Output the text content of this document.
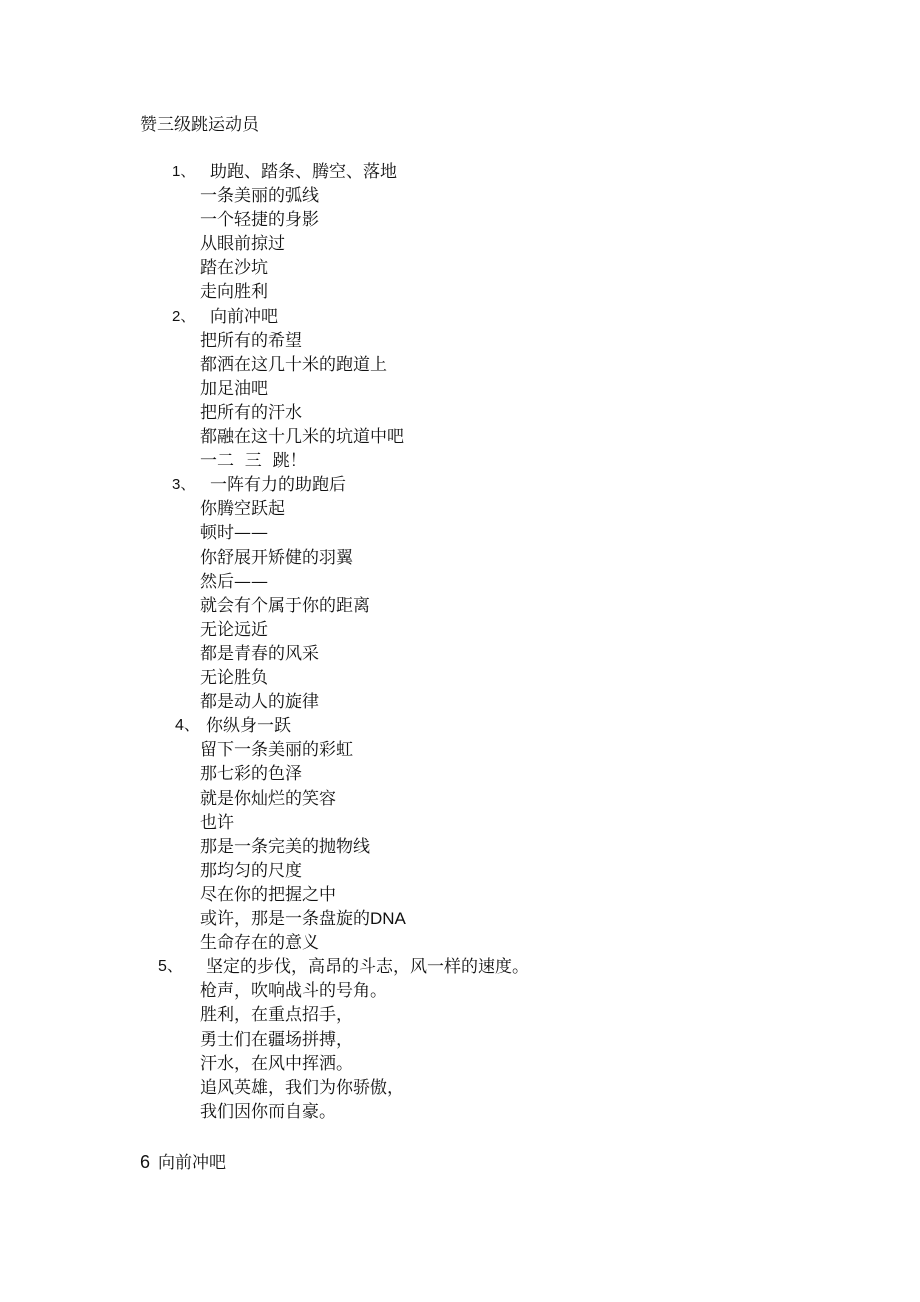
赞三级跳运动员
1、 助跑、踏条、腾空、落地
一条美丽的弧线
一个轻捷的身影
从眼前掠过
踏在沙坑
走向胜利
2、 向前冲吧
把所有的希望
都洒在这几十米的跑道上
加足油吧
把所有的汗水
都融在这十几米的坑道中吧
一二  三  跳！
3、 一阵有力的助跑后
你腾空跃起
顿时——
你舒展开矫健的羽翼
然后——
就会有个属于你的距离
无论远近
都是青春的风采
无论胜负
都是动人的旋律
4、 你纵身一跃
留下一条美丽的彩虹
那七彩的色泽
就是你灿烂的笑容
也许
那是一条完美的抛物线
那均匀的尺度
尽在你的把握之中
或许，那是一条盘旋的DNA
生命存在的意义
5、 坚定的步伐，高昂的斗志，风一样的速度。
枪声，吹响战斗的号角。
胜利，在重点招手，
勇士们在疆场拼搏，
汗水，在风中挥洒。
追风英雄，我们为你骄傲，
我们因你而自豪。
6 向前冲吧
